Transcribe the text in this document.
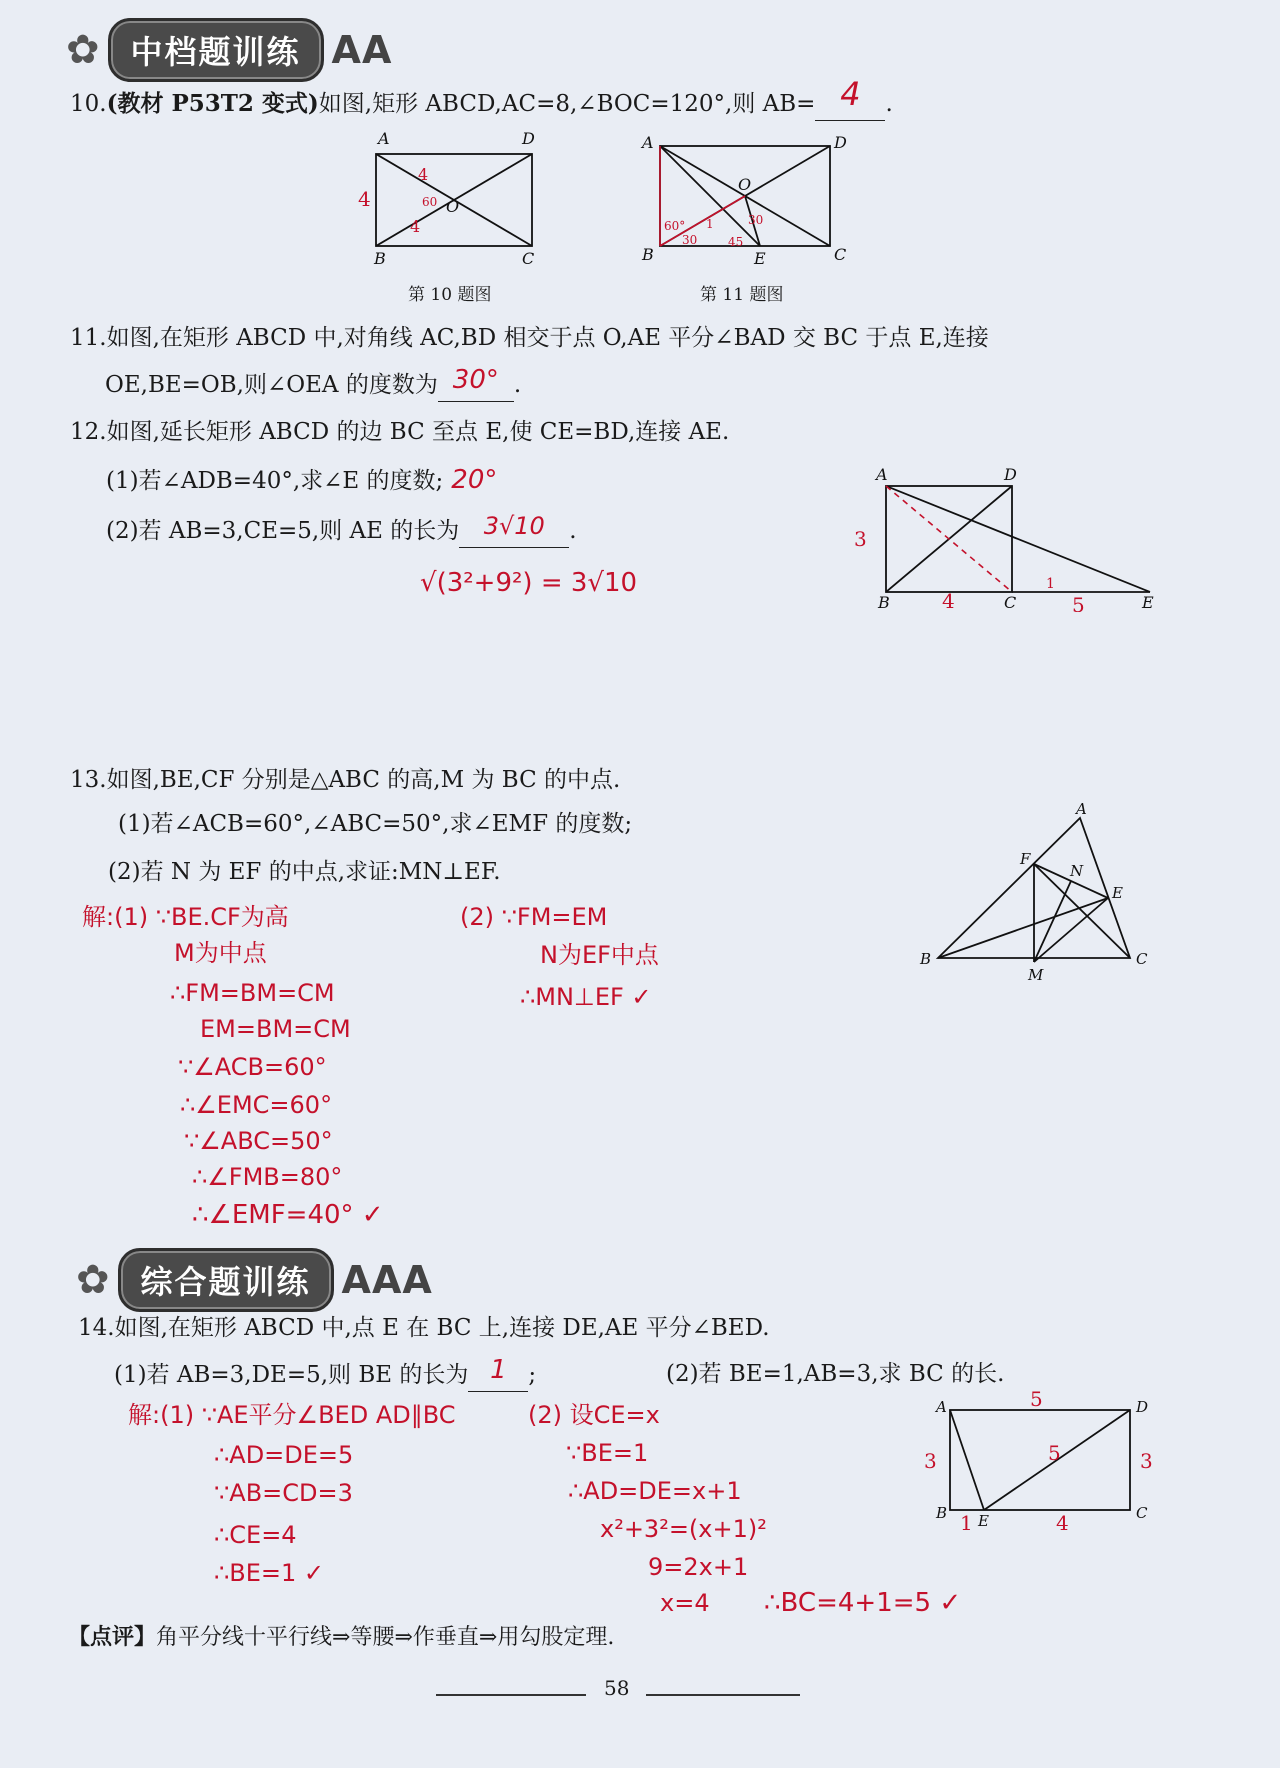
✿ 中档题训练 AA
10.(教材 P53T2 变式)如图,矩形 ABCD,AC=8,∠BOC=120°,则 AB= 4 .
A	D
B	C
O
4
4
4
60
第 10 题图
A	D
B	C
O
E
60°
30	45
30
1
第 11 题图
11.如图,在矩形 ABCD 中,对角线 AC,BD 相交于点 O,AE 平分∠BAD 交 BC 于点 E,连接
OE,BE=OB,则∠OEA 的度数为 30° .
12.如图,延长矩形 ABCD 的边 BC 至点 E,使 CE=BD,连接 AE.
(1)若∠ADB=40°,求∠E 的度数; 20°
(2)若 AB=3,CE=5,则 AE 的长为 3√10 .
√(3²+9²) = 3√10
A	D
B	C	E
3
4	5
1
13.如图,BE,CF 分别是△ABC 的高,M 为 BC 的中点.
(1)若∠ACB=60°,∠ABC=50°,求∠EMF 的度数;
(2)若 N 为 EF 的中点,求证:MN⊥EF.
A
B	C
E
F
M
N
解:(1) ∵BE.CF为高
M为中点
∴FM=BM=CM
EM=BM=CM
∵∠ACB=60°
∴∠EMC=60°
∵∠ABC=50°
∴∠FMB=80°
∴∠EMF=40° ✓
(2) ∵FM=EM
N为EF中点
∴MN⊥EF ✓
✿ 综合题训练 AAA
14.如图,在矩形 ABCD 中,点 E 在 BC 上,连接 DE,AE 平分∠BED.
(1)若 AB=3,DE=5,则 BE 的长为 1 ;	(2)若 BE=1,AB=3,求 BC 的长.
A	D
B	C
E
5
3	3
5
1	4
解:(1) ∵AE平分∠BED AD∥BC
∴AD=DE=5
∵AB=CD=3
∴CE=4
∴BE=1 ✓
(2) 设CE=x
∵BE=1
∴AD=DE=x+1
x²+3²=(x+1)²
9=2x+1
x=4 ∴BC=4+1=5 ✓
【点评】角平分线十平行线⇒等腰⇒作垂直⇒用勾股定理.
58
